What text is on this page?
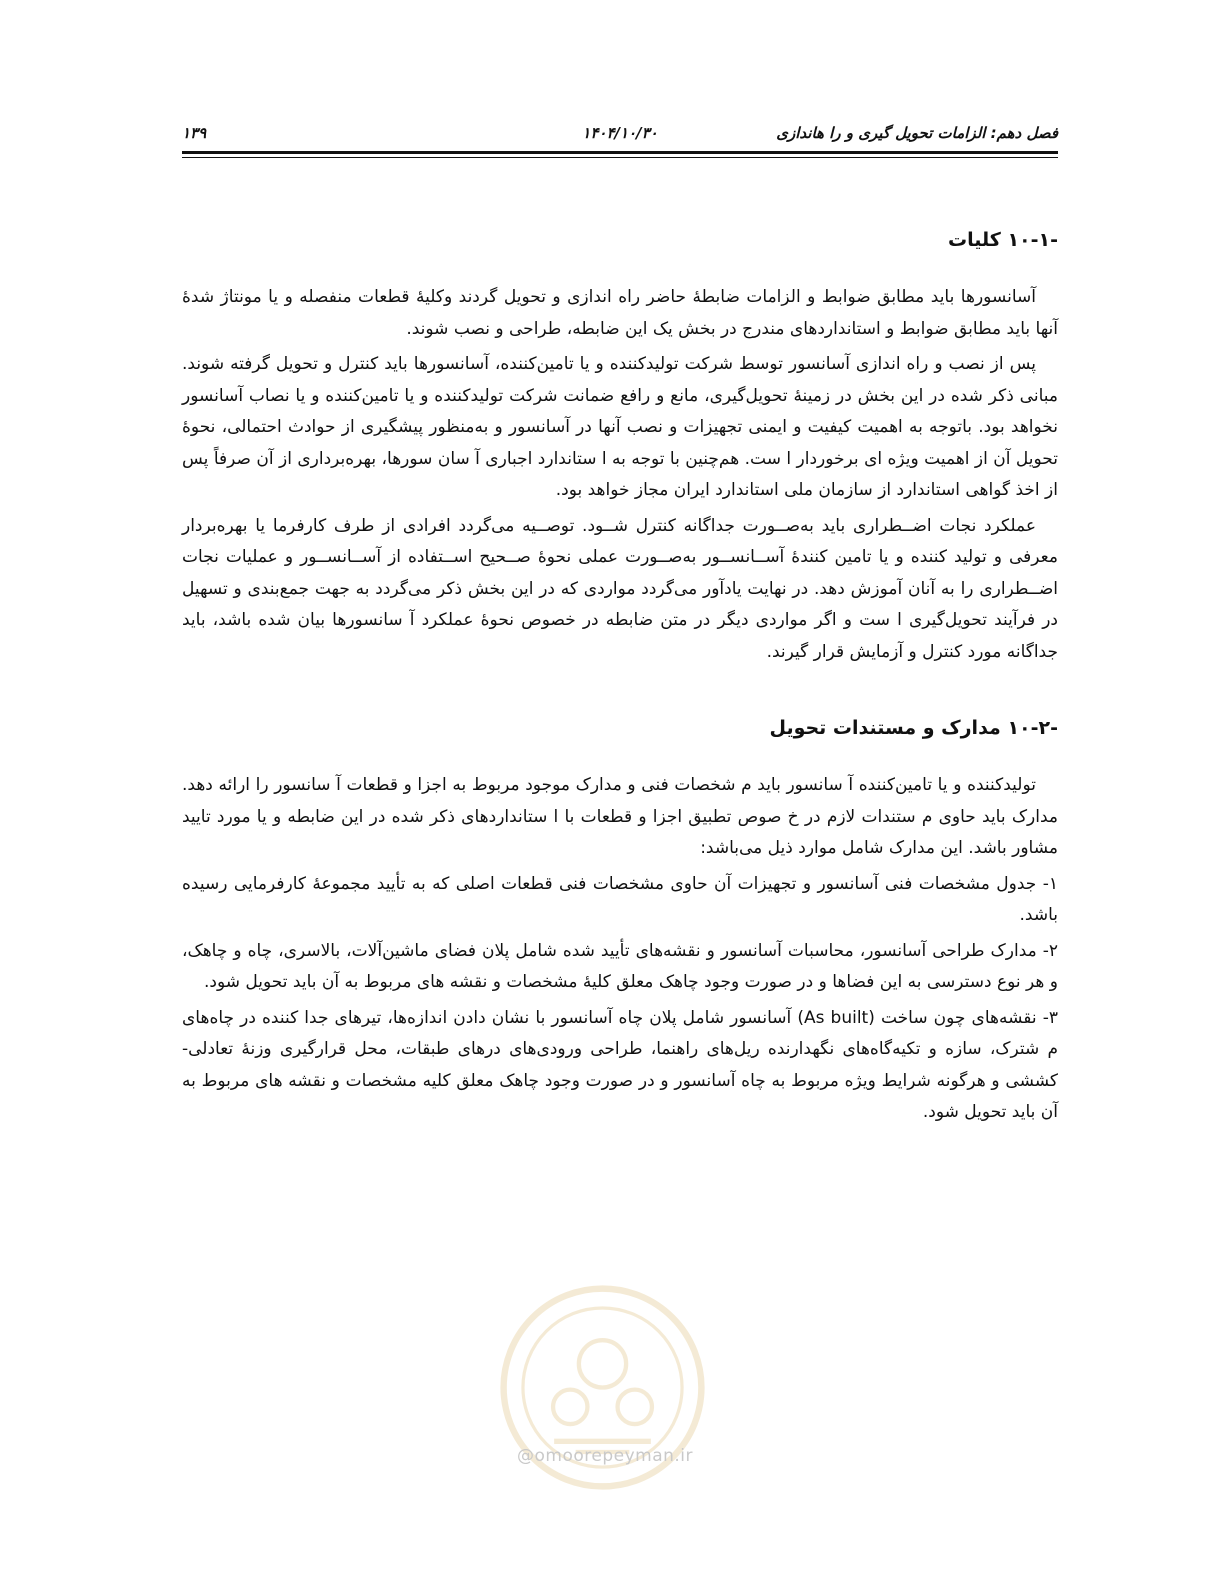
فصل دهم: الزامات تحویل گیری و را هاندازی
۱۴۰۴/۱۰/۳۰
۱۳۹
۱۰-۱- کلیات

آسانسورها باید مطابق ضوابط و الزامات ضابطۀ حاضر راه اندازی و تحویل گردند وکلیۀ قطعات منفصله و یا مونتاژ شدۀ آنها باید مطابق ضوابط و استانداردهای مندرج در بخش یک این ضابطه، طراحی و نصب شوند.

پس از نصب و راه اندازی آسانسور توسط شرکت تولیدکننده و یا تامین‌کننده، آسانسورها باید کنترل و تحویل گرفته شوند. مبانی ذکر شده در این بخش در زمینۀ تحویل‌گیری، مانع و رافع ضمانت شرکت تولیدکننده و یا تامین‌کننده و یا نصاب آسانسور نخواهد بود. باتوجه به اهمیت کیفیت و ایمنی تجهیزات و نصب آنها در آسانسور و به‌منظور پیشگیری از حوادث احتمالی، نحوۀ تحویل آن از اهمیت ویژه ای برخوردار ا ست. هم‌چنین با توجه به ا ستاندارد اجباری آ سان سورها، بهره‌برداری از آن صرفاً پس از اخذ گواهی استاندارد از سازمان ملی استاندارد ایران مجاز خواهد بود.

عملکرد نجات اضــطراری باید به‌صــورت جداگانه کنترل شــود. توصــیه می‌گردد افرادی از طرف کارفرما یا بهره‌بردار معرفی و تولید کننده و یا تامین کنندۀ آســانســور به‌صــورت عملی نحوۀ صــحیح اســتفاده از آســانســور و عملیات نجات اضــطراری را به آنان آموزش دهد. در نهایت یادآور می‌گردد مواردی که در این بخش ذکر می‌گردد به جهت جمع‌بندی و تسهیل در فرآیند تحویل‌گیری ا ست و اگر مواردی دیگر در متن ضابطه در خصوص نحوۀ عملکرد آ سانسورها بیان شده باشد، باید جداگانه مورد کنترل و آزمایش قرار گیرند.

۱۰-۲- مدارک و مستندات تحویل

تولیدکننده و یا تامین‌کننده آ سانسور باید م شخصات فنی و مدارک موجود مربوط به اجزا و قطعات آ سانسور را ارائه دهد. مدارک باید حاوی م ستندات لازم در خ صوص تطبیق اجزا و قطعات با ا ستانداردهای ذکر شده در این ضابطه و یا مورد تایید مشاور باشد. این مدارک شامل موارد ذیل می‌باشد:

۱- جدول مشخصات فنی آسانسور و تجهیزات آن حاوی مشخصات فنی قطعات اصلی که به تأیید مجموعۀ کارفرمایی رسیده باشد.

۲- مدارک طراحی آسانسور، محاسبات آسانسور و نقشه‌های تأیید شده شامل پلان فضای ماشین‌آلات، بالاسری، چاه و چاهک، و هر نوع دسترسی به این فضاها و در صورت وجود چاهک معلق کلیۀ مشخصات و نقشه های مربوط به آن باید تحویل شود.

۳- نقشه‌های چون ساخت (As built) آسانسور شامل پلان چاه آسانسور با نشان دادن اندازه‌ها، تیرهای جدا کننده در چاه‌های م شترک، سازه و تکیه‌گاه‌های نگهدارنده ریل‌های راهنما، طراحی ورودی‌های درهای طبقات، محل قرارگیری وزنۀ تعادلی-کششی و هرگونه شرایط ویژه مربوط به چاه آسانسور و در صورت وجود چاهک معلق کلیه مشخصات و نقشه های مربوط به آن باید تحویل شود.

@omoorepeyman.ir
